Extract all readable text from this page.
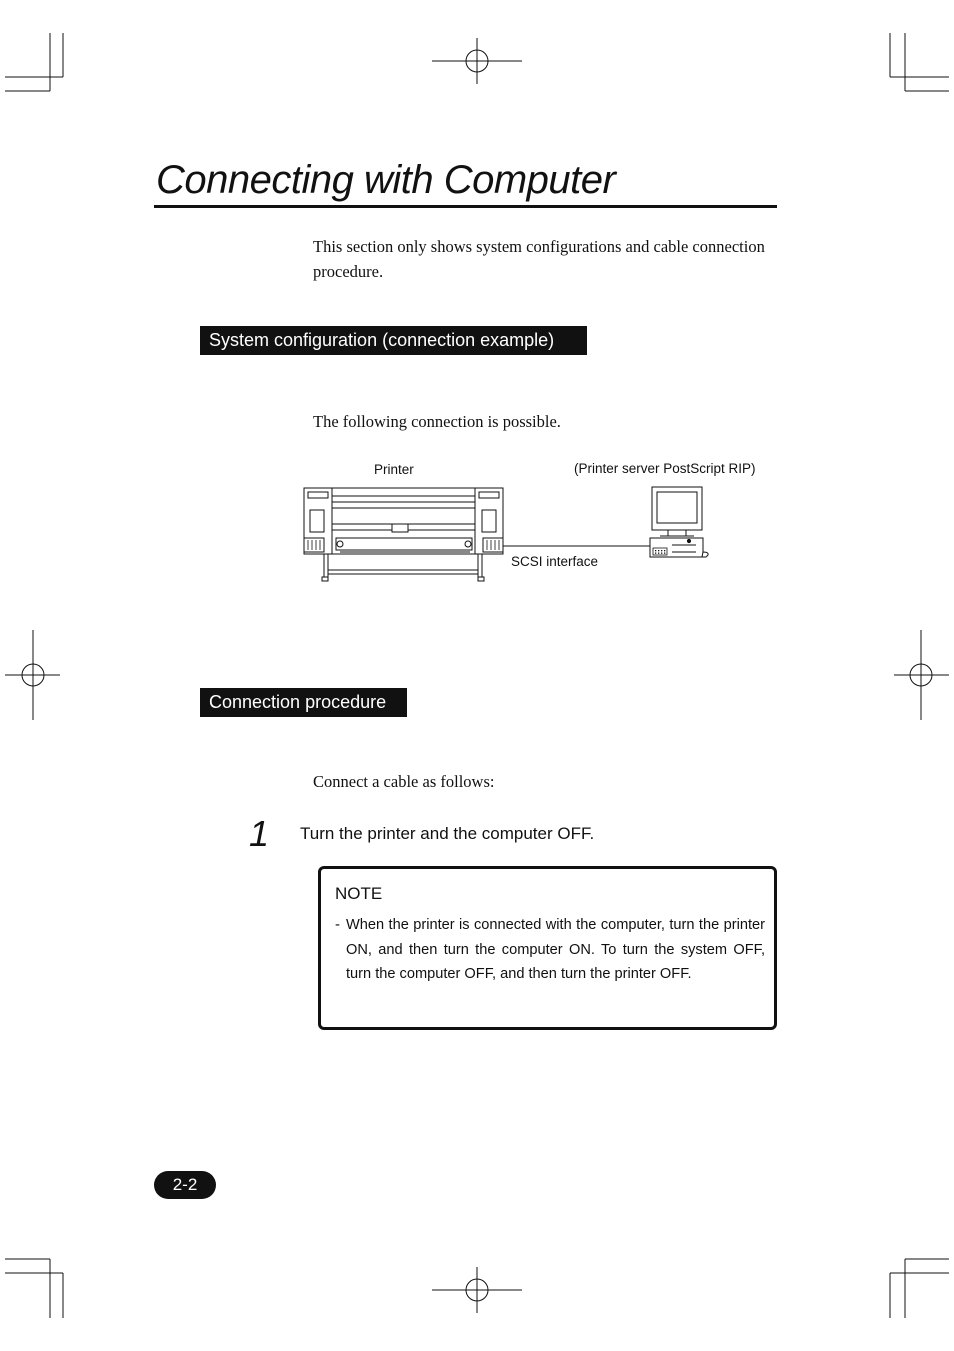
Connecting with Computer

This section only shows system configurations and cable connection procedure.

System configuration (connection example)

The following connection is possible.

Printer	(Printer server PostScript RIP)
SCSI interface
Connection procedure

Connect a cable as follows:

1 Turn the printer and the computer OFF.
NOTE
- When the printer is connected with the computer, turn the printer ON, and then turn the computer ON. To turn the system OFF, turn the computer OFF, and then turn the printer OFF.
2-2
